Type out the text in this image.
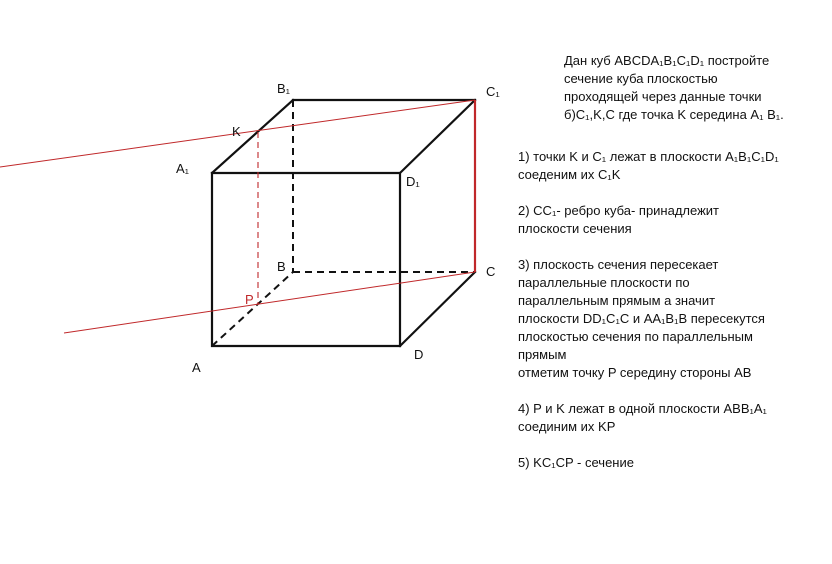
B₁	C₁
K
A₁
D₁
B	C
P
A
D
Дан куб ABCDA₁B₁C₁D₁ постройте
сечение куба плоскостью
проходящей через данные точки
б)C₁,K,C где точка K середина A₁ B₁.
1) точки K и C₁ лежат в плоскости A₁B₁C₁D₁
соеденим их C₁K
2) CC₁- ребро куба- принадлежит
плоскости сечения
3) плоскость сечения пересекает
параллельные плоскости по
параллельным прямым а значит
плоскости DD₁C₁C и AA₁B₁B пересекутся
плоскостью сечения по параллельным
прямым
отметим точку P середину стороны AB
4) P и K лежат в одной плоскости ABB₁A₁
соединим их KP
5) KC₁CP - сечение
